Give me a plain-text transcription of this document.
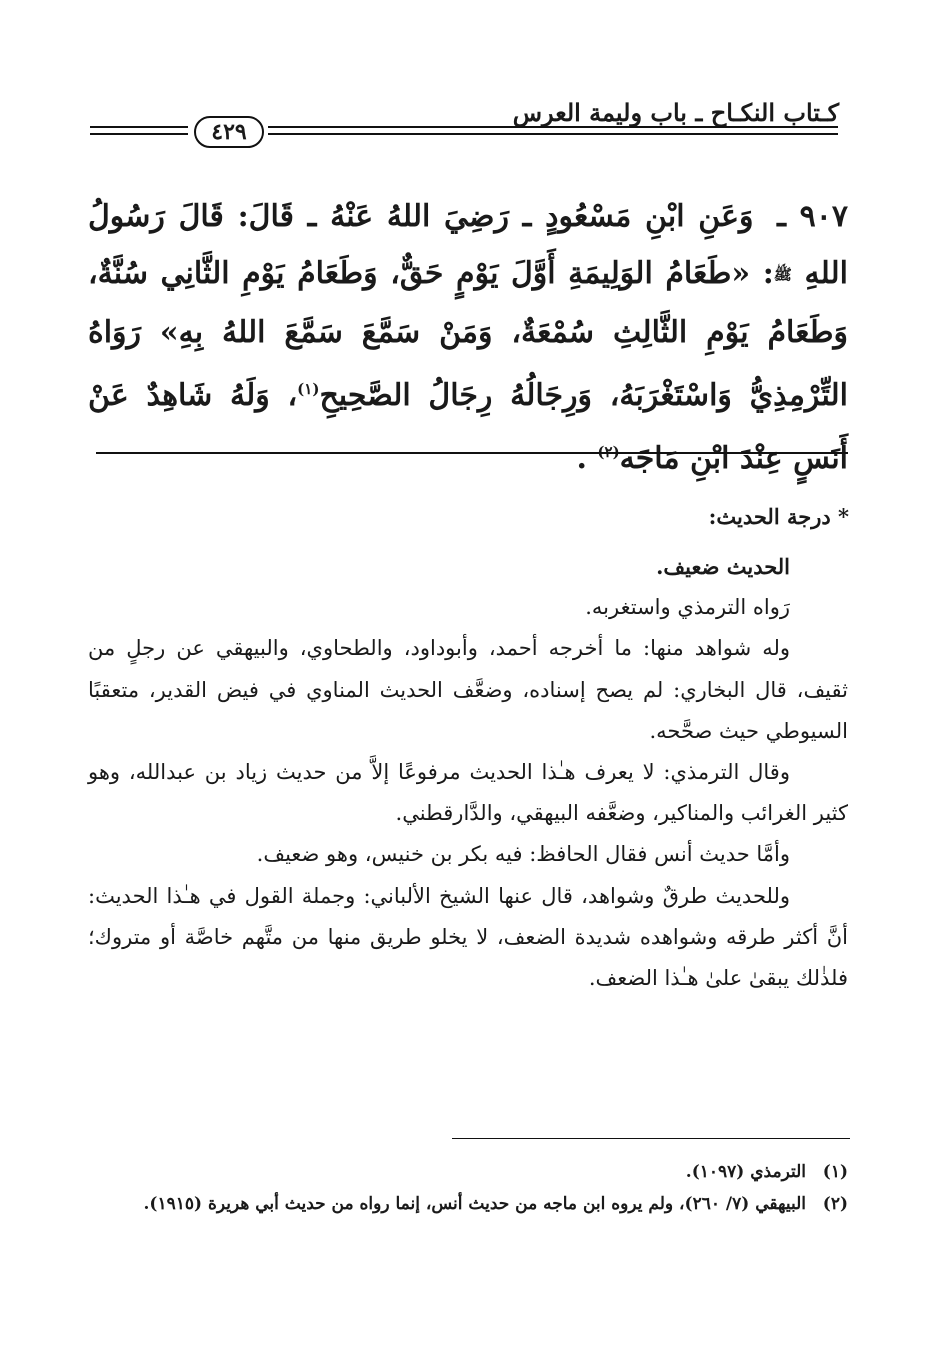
كـتاب النكـاح ـ باب وليمة العرس
٤٢٩
٩٠٧ ـ وَعَنِ ابْنِ مَسْعُودٍ ـ رَضِيَ اللهُ عَنْهُ ـ قَالَ: قَالَ رَسُولُ اللهِ ﷺ: «طَعَامُ الوَلِيمَةِ أَوَّلَ يَوْمٍ حَقٌّ، وَطَعَامُ يَوْمِ الثَّانِي سُنَّةٌ، وَطَعَامُ يَوْمِ الثَّالِثِ سُمْعَةٌ، وَمَنْ سَمَّعَ سَمَّعَ اللهُ بِهِ» رَوَاهُ التِّرْمِذِيُّ وَاسْتَغْرَبَهُ، وَرِجَالُهُ رِجَالُ الصَّحِيحِ$^{(١)}$، وَلَهُ شَاهِدٌ عَنْ أَنَسٍ عِنْدَ ابْنِ مَاجَه$^{(٢)}$ .
* درجة الحديث:

الحديث ضعيف.

رَواه الترمذي واستغربه.

وله شواهد منها: ما أخرجه أحمد، وأبوداود، والطحاوي، والبيهقي عن رجلٍ من ثقيف، قال البخاري: لم يصح إسناده، وضعَّف الحديث المناوي في فيض القدير، متعقبًا السيوطي حيث صحَّحه.

وقال الترمذي: لا يعرف هـٰذا الحديث مرفوعًا إلاَّ من حديث زياد بن عبدالله، وهو كثير الغرائب والمناكير، وضعَّفه البيهقي، والدَّارقطني.

وأمَّا حديث أنس فقال الحافظ: فيه بكر بن خنيس، وهو ضعيف.

وللحديث طرقٌ وشواهد، قال عنها الشيخ الألباني: وجملة القول في هـٰذا الحديث: أنَّ أكثر طرقه وشواهده شديدة الضعف، لا يخلو طريق منها من متَّهم خاصَّة أو متروك؛ فلذٰلك يبقىٰ علىٰ هـٰذا الضعف.

(١)
الترمذي (١٠٩٧).
(٢)
البيهقي (٧/ ٢٦٠)، ولم يروه ابن ماجه من حديث أنس، إنما رواه من حديث أبي هريرة (١٩١٥).
